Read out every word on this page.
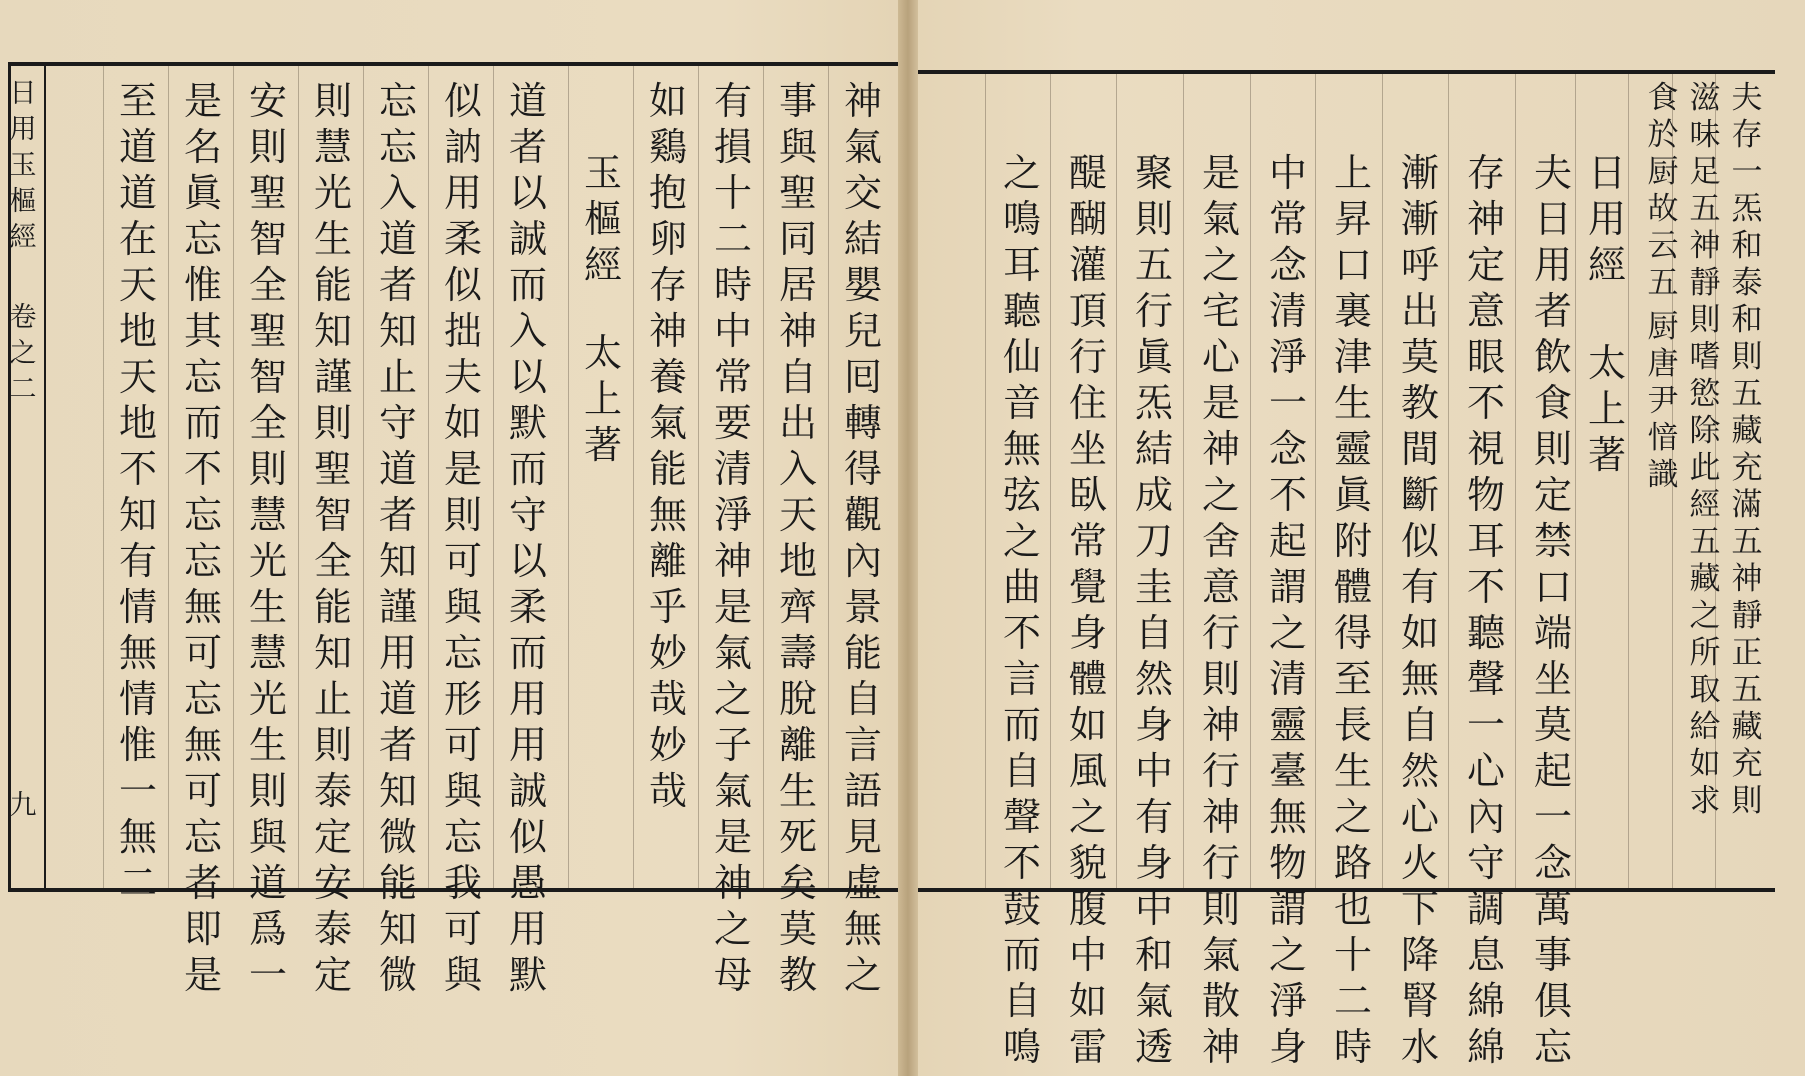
夫
存
一
炁
和
泰
和
則
五
藏
充
滿
五
神
靜
正
五
藏
充
則
滋
味
足
五
神
靜
則
嗜
慾
除
此
經
五
藏
之
所
取
給
如
求
食
於
厨
故
云
五
厨
唐
尹
愔
識
日
用
經
太
上
著
夫
日
用
者
飲
食
則
定
禁
口
端
坐
莫
起
一
念
萬
事
俱
忘
存
神
定
意
眼
不
視
物
耳
不
聽
聲
一
心
內
守
調
息
綿
綿
漸
漸
呼
出
莫
教
間
斷
似
有
如
無
自
然
心
火
下
降
腎
水
上
昇
口
裏
津
生
靈
眞
附
體
得
至
長
生
之
路
也
十
二
時
中
常
念
清
淨
一
念
不
起
謂
之
清
靈
臺
無
物
謂
之
淨
身
是
氣
之
宅
心
是
神
之
舍
意
行
則
神
行
神
行
則
氣
散
神
聚
則
五
行
眞
炁
結
成
刀
圭
自
然
身
中
有
身
中
和
氣
透
醍
醐
灌
頂
行
住
坐
臥
常
覺
身
體
如
風
之
貌
腹
中
如
雷
之
鳴
耳
聽
仙
音
無
弦
之
曲
不
言
而
自
聲
不
鼓
而
自
鳴
神
氣
交
結
嬰
兒
囘
轉
得
觀
內
景
能
自
言
語
見
虛
無
之
事
與
聖
同
居
神
自
出
入
天
地
齊
壽
脫
離
生
死
矣
莫
教
有
損
十
二
時
中
常
要
清
淨
神
是
氣
之
子
氣
是
神
之
母
如
鷄
抱
卵
存
神
養
氣
能
無
離
乎
妙
哉
妙
哉
玉
樞
經
太
上
著
道
者
以
誠
而
入
以
默
而
守
以
柔
而
用
用
誠
似
愚
用
默
似
訥
用
柔
似
拙
夫
如
是
則
可
與
忘
形
可
與
忘
我
可
與
忘
忘
入
道
者
知
止
守
道
者
知
謹
用
道
者
知
微
能
知
微
則
慧
光
生
能
知
謹
則
聖
智
全
能
知
止
則
泰
定
安
泰
定
安
則
聖
智
全
聖
智
全
則
慧
光
生
慧
光
生
則
與
道
爲
一
是
名
眞
忘
惟
其
忘
而
不
忘
忘
無
可
忘
無
可
忘
者
即
是
至
道
道
在
天
地
天
地
不
知
有
情
無
情
惟
一
無
二
日
用
玉
樞
經
卷
之
二
九
